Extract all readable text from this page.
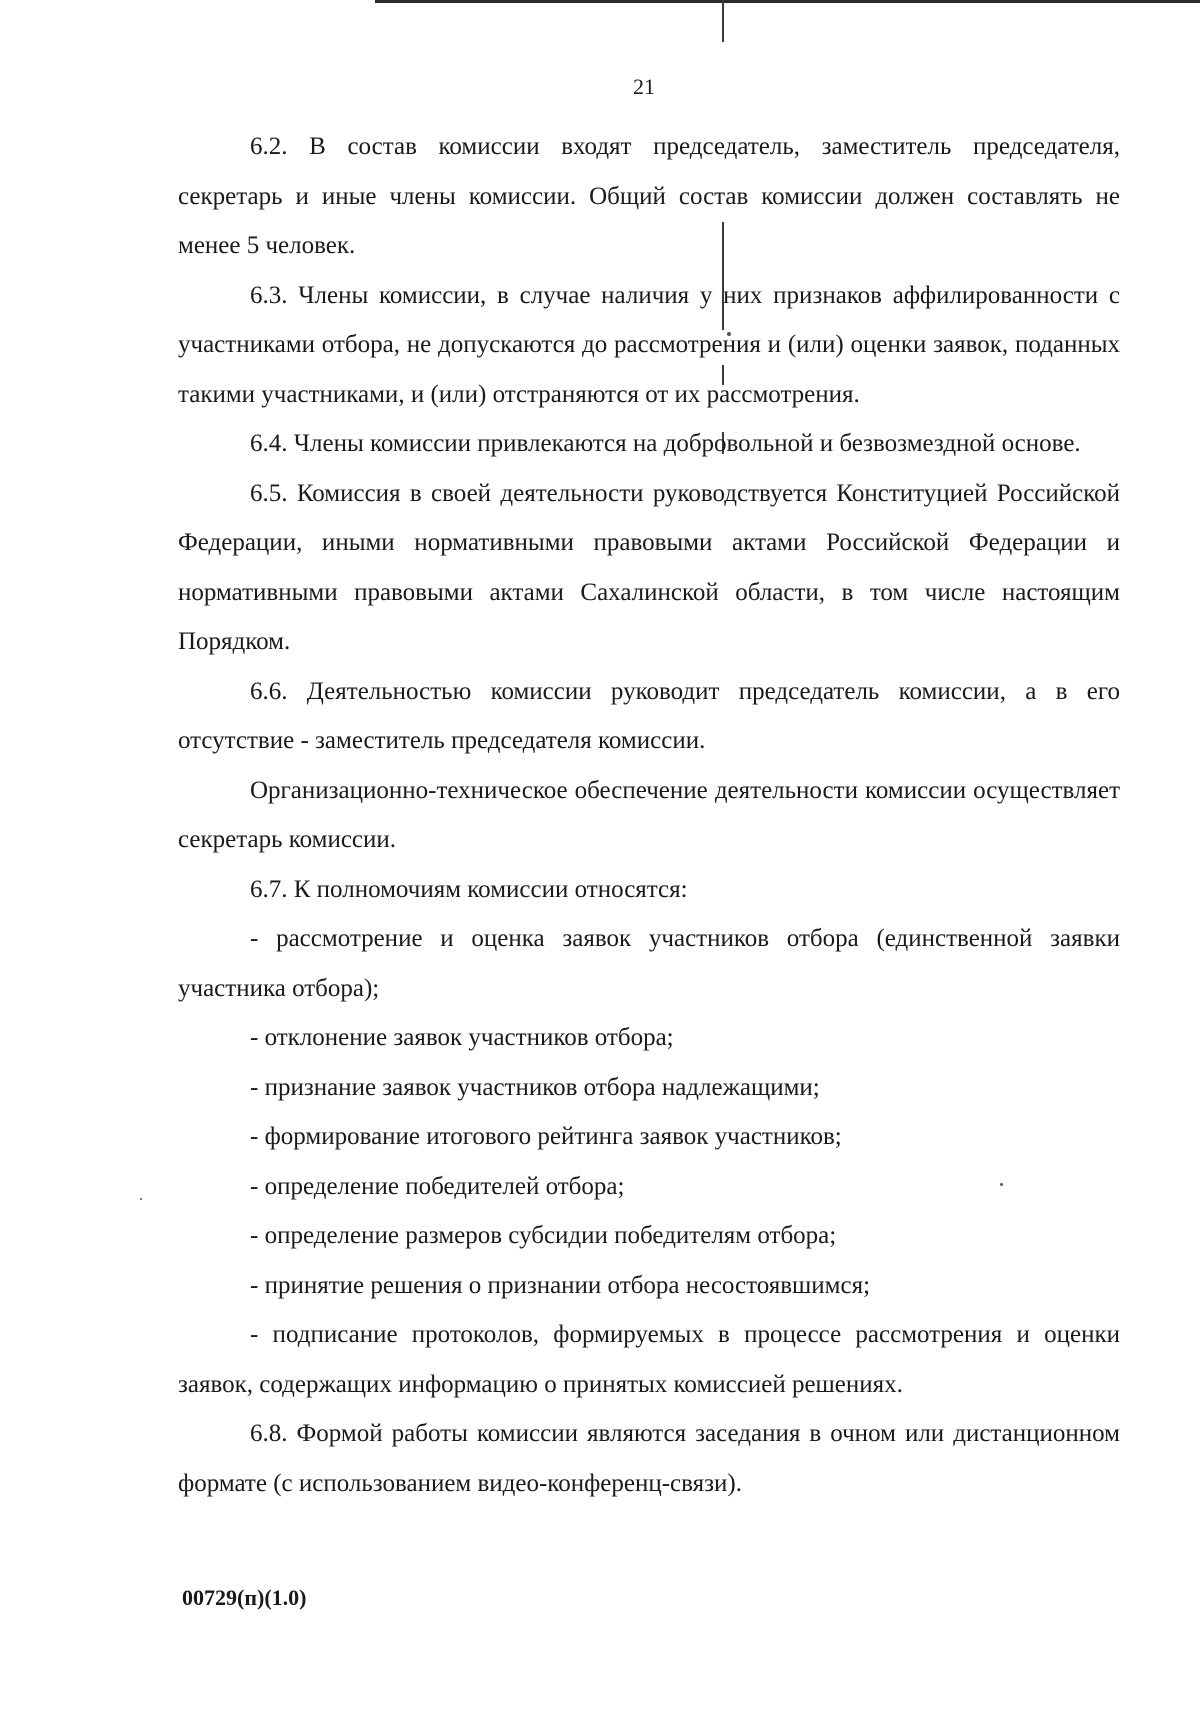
21

6.2. В состав комиссии входят председатель, заместитель председателя, секретарь и иные члены комиссии. Общий состав комиссии должен составлять не менее 5 человек.

6.3. Члены комиссии, в случае наличия у них признаков аффилированности с участниками отбора, не допускаются до рассмотрения и (или) оценки заявок, поданных такими участниками, и (или) отстраняются от их рассмотрения.

6.4. Члены комиссии привлекаются на добровольной и безвозмездной основе.

6.5. Комиссия в своей деятельности руководствуется Конституцией Российской Федерации, иными нормативными правовыми актами Российской Федерации и нормативными правовыми актами Сахалинской области, в том числе настоящим Порядком.

6.6. Деятельностью комиссии руководит председатель комиссии, а в его отсутствие - заместитель председателя комиссии.

Организационно-техническое обеспечение деятельности комиссии осуществляет секретарь комиссии.

6.7. К полномочиям комиссии относятся:

- рассмотрение и оценка заявок участников отбора (единственной заявки участника отбора);

- отклонение заявок участников отбора;

- признание заявок участников отбора надлежащими;

- формирование итогового рейтинга заявок участников;

- определение победителей отбора;

- определение размеров субсидии победителям отбора;

- принятие решения о признании отбора несостоявшимся;

- подписание протоколов, формируемых в процессе рассмотрения и оценки заявок, содержащих информацию о принятых комиссией решениях.

6.8. Формой работы комиссии являются заседания в очном или дистанционном формате (с использованием видео-конференц-связи).

00729(п)(1.0)
